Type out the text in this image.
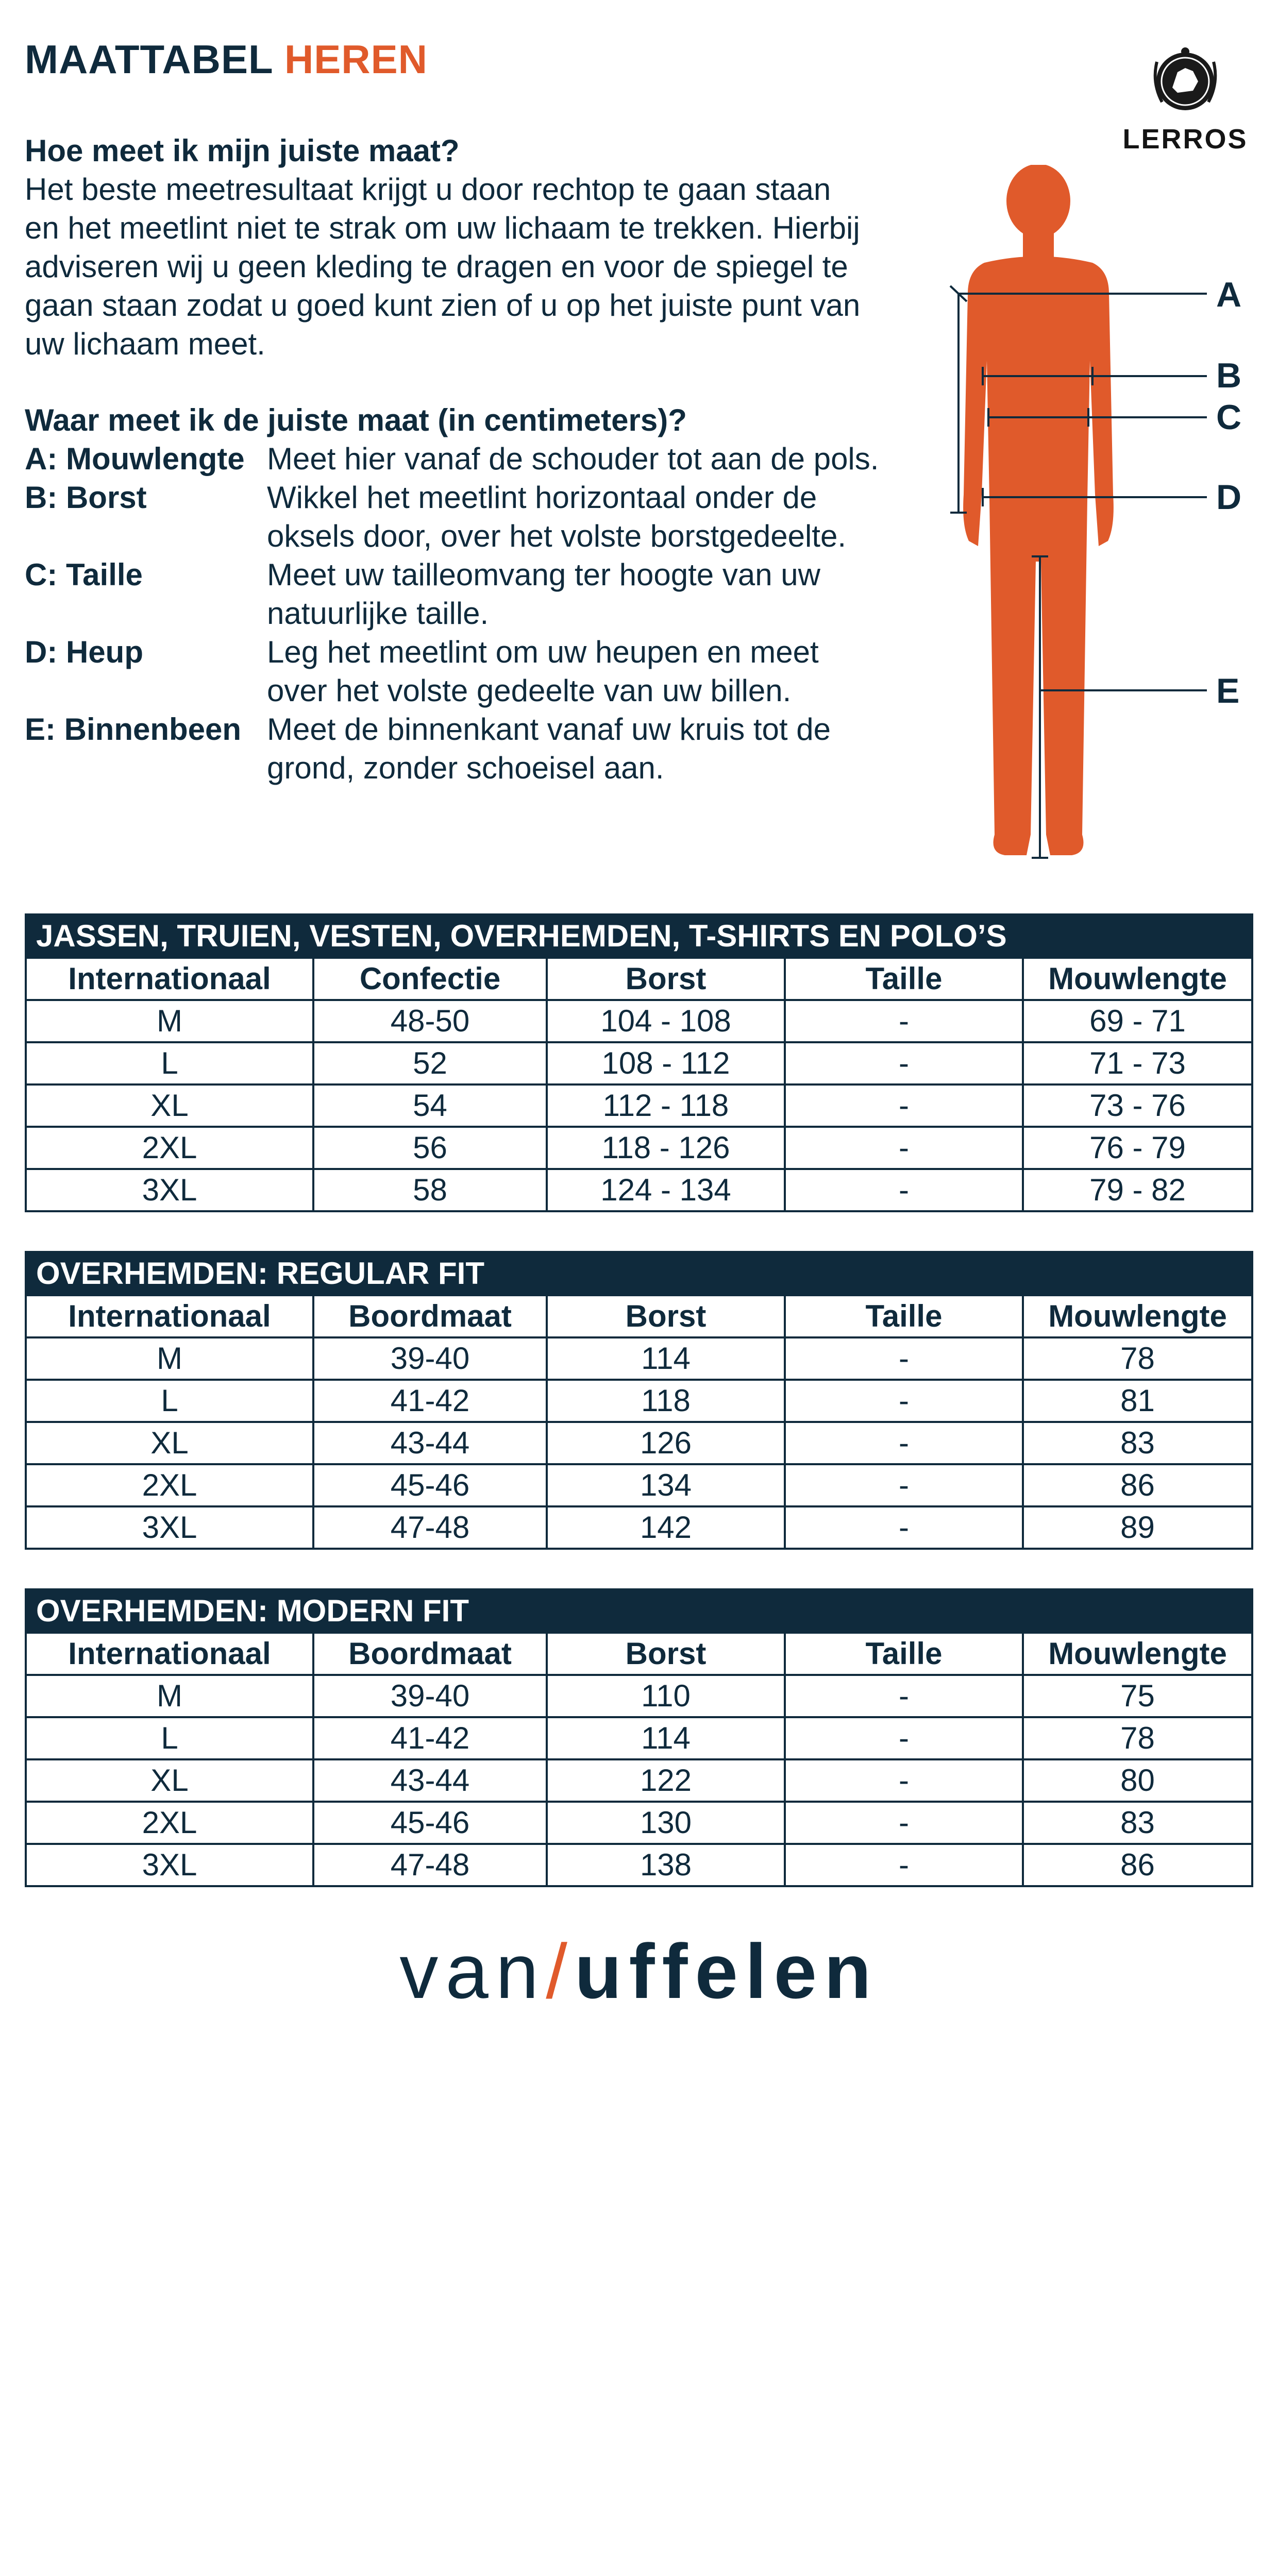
MAATTABEL HEREN
LERROS
Hoe meet ik mijn juiste maat?

Het beste meetresultaat krijgt u door rechtop te gaan staan

en het meetlint niet te strak om uw lichaam te trekken. Hierbij

adviseren wij u geen kleding te dragen en voor de spiegel te

gaan staan zodat u goed kunt zien of u op het juiste punt van

uw lichaam meet.

Waar meet ik de juiste maat (in centimeters)?
A: Mouwlengte Meet hier vanaf de schouder tot aan de pols.
B: Borst	Wikkel het meetlint horizontaal onder de
oksels door, over het volste borstgedeelte.
C: Taille	Meet uw tailleomvang ter hoogte van uw
natuurlijke taille.
D: Heup	Leg het meetlint om uw heupen en meet
over het volste gedeelte van uw billen.
E: Binnenbeen Meet de binnenkant vanaf uw kruis tot de
grond, zonder schoeisel aan.
A
B
C
D
E
JASSEN, TRUIEN, VESTEN, OVERHEMDEN, T-SHIRTS EN POLO’S				
Internationaal	Confectie	Borst	Taille	Mouwlengte
M	48-50	104 - 108	-	69 - 71
L	52	108 - 112	-	71 - 73
XL	54	112 - 118	-	73 - 76
2XL	56	118 - 126	-	76 - 79
3XL	58	124 - 134	-	79 - 82
OVERHEMDEN: REGULAR FIT				
Internationaal	Boordmaat	Borst	Taille	Mouwlengte
M	39-40	114	-	78
L	41-42	118	-	81
XL	43-44	126	-	83
2XL	45-46	134	-	86
3XL	47-48	142	-	89
OVERHEMDEN: MODERN FIT				
Internationaal	Boordmaat	Borst	Taille	Mouwlengte
M	39-40	110	-	75
L	41-42	114	-	78
XL	43-44	122	-	80
2XL	45-46	130	-	83
3XL	47-48	138	-	86
van/uffelen
